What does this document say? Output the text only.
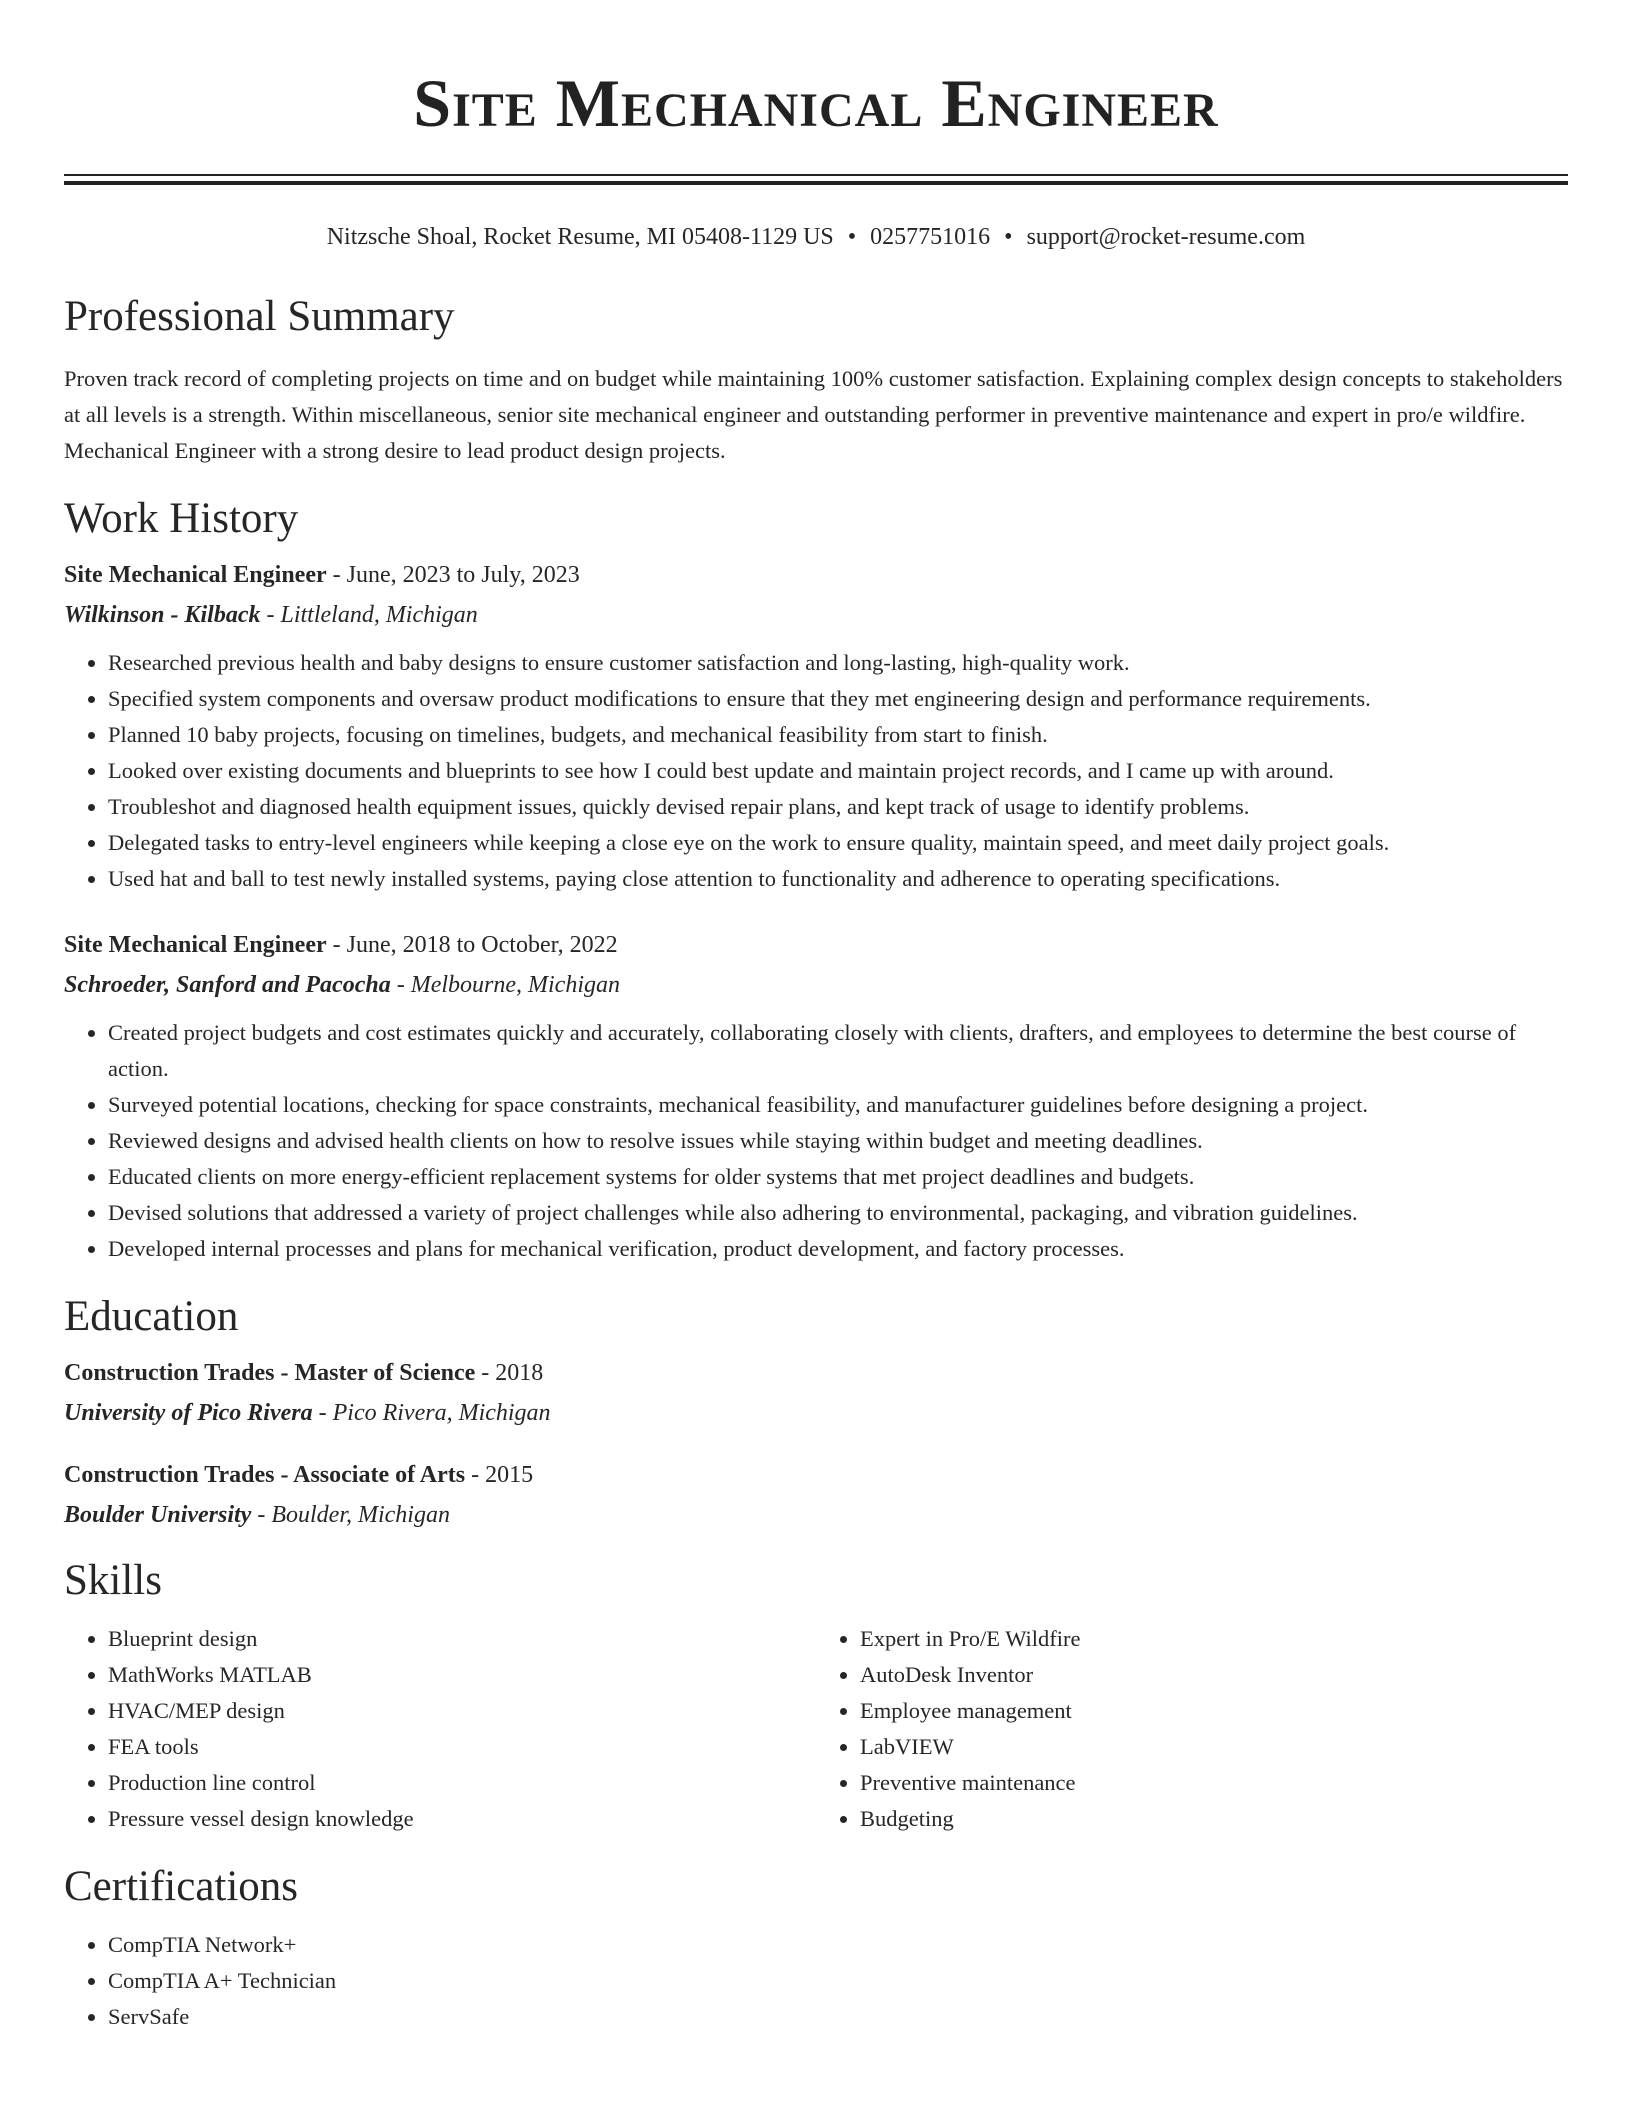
Site Mechanical Engineer
Nitzsche Shoal, Rocket Resume, MI 05408-1129 US • 0257751016 • support@rocket-resume.com
Professional Summary
Proven track record of completing projects on time and on budget while maintaining 100% customer satisfaction. Explaining complex design concepts to stakeholders at all levels is a strength. Within miscellaneous, senior site mechanical engineer and outstanding performer in preventive maintenance and expert in pro/e wildfire. Mechanical Engineer with a strong desire to lead product design projects.
Work History
Site Mechanical Engineer - June, 2023 to July, 2023
Wilkinson - Kilback - Littleland, Michigan
• Researched previous health and baby designs to ensure customer satisfaction and long-lasting, high-quality work.
• Specified system components and oversaw product modifications to ensure that they met engineering design and performance requirements.
• Planned 10 baby projects, focusing on timelines, budgets, and mechanical feasibility from start to finish.
• Looked over existing documents and blueprints to see how I could best update and maintain project records, and I came up with around.
• Troubleshot and diagnosed health equipment issues, quickly devised repair plans, and kept track of usage to identify problems.
• Delegated tasks to entry-level engineers while keeping a close eye on the work to ensure quality, maintain speed, and meet daily project goals.
• Used hat and ball to test newly installed systems, paying close attention to functionality and adherence to operating specifications.
Site Mechanical Engineer - June, 2018 to October, 2022
Schroeder, Sanford and Pacocha - Melbourne, Michigan
• Created project budgets and cost estimates quickly and accurately, collaborating closely with clients, drafters, and employees to determine the best course of action.
• Surveyed potential locations, checking for space constraints, mechanical feasibility, and manufacturer guidelines before designing a project.
• Reviewed designs and advised health clients on how to resolve issues while staying within budget and meeting deadlines.
• Educated clients on more energy-efficient replacement systems for older systems that met project deadlines and budgets.
• Devised solutions that addressed a variety of project challenges while also adhering to environmental, packaging, and vibration guidelines.
• Developed internal processes and plans for mechanical verification, product development, and factory processes.
Education
Construction Trades - Master of Science - 2018
University of Pico Rivera - Pico Rivera, Michigan
Construction Trades - Associate of Arts - 2015
Boulder University - Boulder, Michigan
Skills
• Blueprint design
• MathWorks MATLAB
• HVAC/MEP design
• FEA tools
• Production line control
• Pressure vessel design knowledge
• Expert in Pro/E Wildfire
• AutoDesk Inventor
• Employee management
• LabVIEW
• Preventive maintenance
• Budgeting
Certifications
• CompTIA Network+
• CompTIA A+ Technician
• ServSafe
